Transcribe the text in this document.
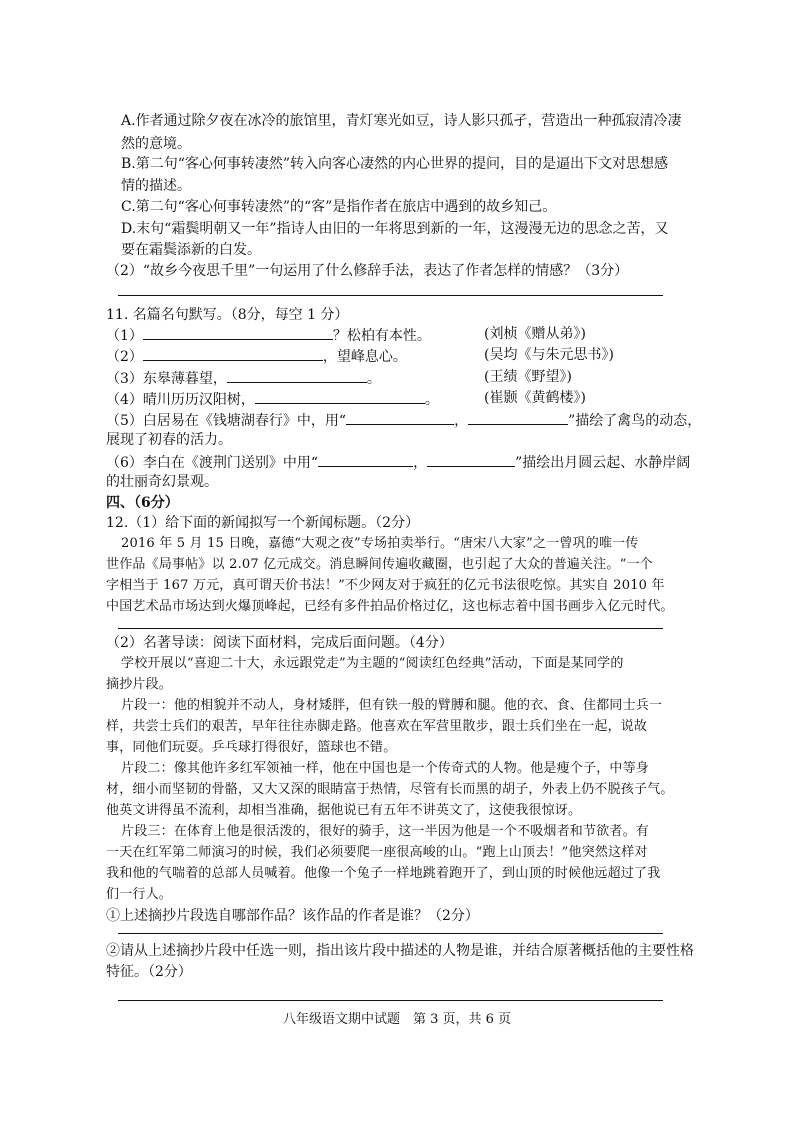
A.作者通过除夕夜在冰冷的旅馆里，青灯寒光如豆，诗人影只孤孑，营造出一种孤寂清冷凄
然的意境。
B.第二句“客心何事转凄然”转入向客心凄然的内心世界的提问，目的是逼出下文对思想感
情的描述。
C.第二句“客心何事转凄然”的“客”是指作者在旅店中遇到的故乡知己。
D.末句“霜鬓明朝又一年”指诗人由旧的一年将思到新的一年，这漫漫无边的思念之苦，又
要在霜鬓添新的白发。
（2）“故乡今夜思千里”一句运用了什么修辞手法，表达了作者怎样的情感？（3分）
11. 名篇名句默写。（8分，每空 1 分）
（1）	？松柏有本性。	(刘桢《赠从弟》)
（2）	，望峰息心。	(吴均《与朱元思书》)
（3）东皋薄暮望，	。	(王绩《野望》)
（4）晴川历历汉阳树，	。	(崔颢《黄鹤楼》)
（5）白居易在《钱塘湖春行》中，用“	，	”描绘了禽鸟的动态，
展现了初春的活力。
（6）李白在《渡荆门送别》中用“	，	”描绘出月圆云起、水静岸阔
的壮丽奇幻景观。
四、（6分）
12.（1）给下面的新闻拟写一个新闻标题。（2分）
2016 年 5 月 15 日晚，嘉德“大观之夜”专场拍卖举行。“唐宋八大家”之一曾巩的唯一传
世作品《局事帖》以 2.07 亿元成交。消息瞬间传遍收藏圈，也引起了大众的普遍关注。“一个
字相当于 167 万元，真可谓天价书法！”不少网友对于疯狂的亿元书法很吃惊。其实自 2010 年
中国艺术品市场达到火爆顶峰起，已经有多件拍品价格过亿，这也标志着中国书画步入亿元时代。
（2）名著导读：阅读下面材料，完成后面问题。（4分）
学校开展以“喜迎二十大，永远跟党走”为主题的“阅读红色经典”活动，下面是某同学的
摘抄片段。
片段一：他的相貌并不动人，身材矮胖，但有铁一般的臂膊和腿。他的衣、食、住都同士兵一
样，共尝士兵们的艰苦，早年往往赤脚走路。他喜欢在军营里散步，跟士兵们坐在一起，说故
事，同他们玩耍。乒乓球打得很好，篮球也不错。
片段二：像其他许多红军领袖一样，他在中国也是一个传奇式的人物。他是瘦个子，中等身
材，细小而坚韧的骨骼，又大又深的眼睛富于热情，尽管有长而黑的胡子，外表上仍不脱孩子气。
他英文讲得虽不流利，却相当准确，据他说已有五年不讲英文了，这使我很惊讶。
片段三：在体育上他是很活泼的，很好的骑手，这一半因为他是一个不吸烟者和节欲者。有
一天在红军第二师演习的时候，我们必须要爬一座很高峻的山。“跑上山顶去！”他突然这样对
我和他的气喘着的总部人员喊着。他像一个兔子一样地跳着跑开了，到山顶的时候他远超过了我
们一行人。
①上述摘抄片段选自哪部作品？该作品的作者是谁？（2分）
②请从上述摘抄片段中任选一则，指出该片段中描述的人物是谁，并结合原著概括他的主要性格
特征。（2分）
八年级语文期中试题　第 3 页，共 6 页
